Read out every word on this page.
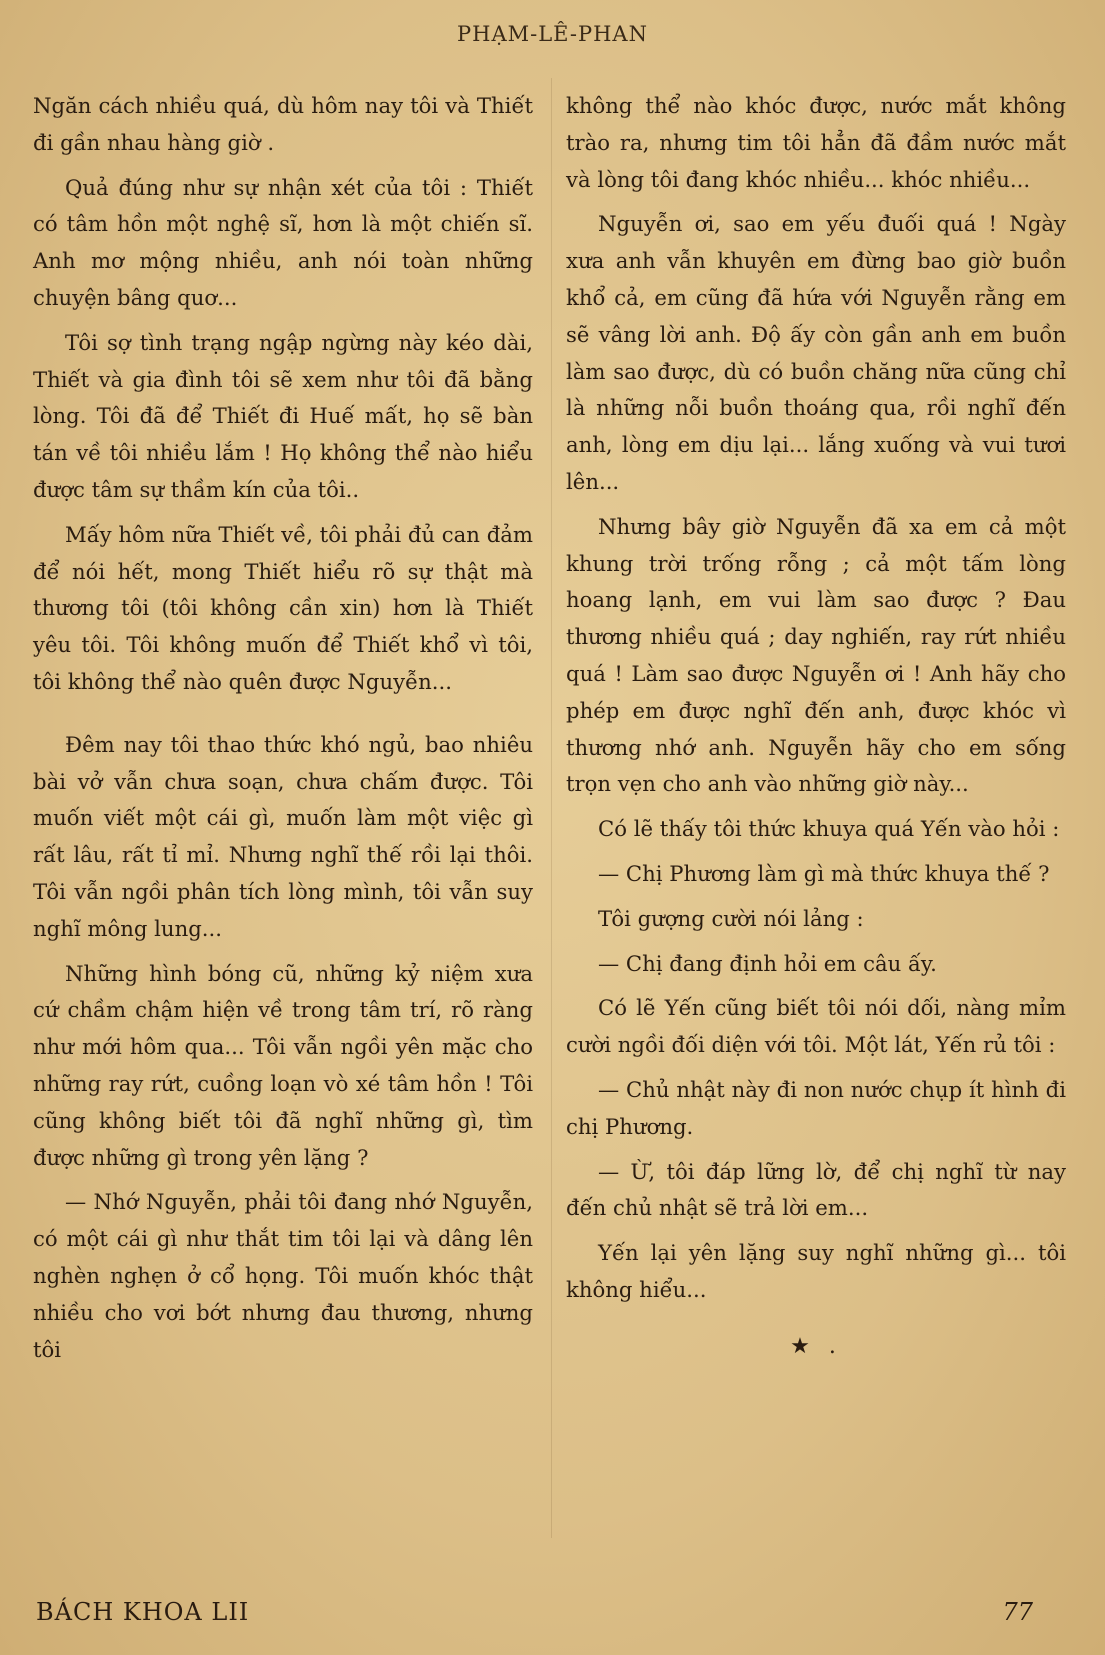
PHẠM-LÊ-PHAN

Ngăn cách nhiều quá, dù hôm nay tôi và Thiết đi gần nhau hàng giờ .

Quả đúng như sự nhận xét của tôi : Thiết có tâm hồn một nghệ sĩ, hơn là một chiến sĩ. Anh mơ mộng nhiều, anh nói toàn những chuyện bâng quơ...

Tôi sợ tình trạng ngập ngừng này kéo dài, Thiết và gia đình tôi sẽ xem như tôi đã bằng lòng. Tôi đã để Thiết đi Huế mất, họ sẽ bàn tán về tôi nhiều lắm ! Họ không thể nào hiểu được tâm sự thầm kín của tôi..

Mấy hôm nữa Thiết về, tôi phải đủ can đảm để nói hết, mong Thiết hiểu rõ sự thật mà thương tôi (tôi không cần xin) hơn là Thiết yêu tôi. Tôi không muốn để Thiết khổ vì tôi, tôi không thể nào quên được Nguyễn...

Đêm nay tôi thao thức khó ngủ, bao nhiêu bài vở vẫn chưa soạn, chưa chấm được. Tôi muốn viết một cái gì, muốn làm một việc gì rất lâu, rất tỉ mỉ. Nhưng nghĩ thế rồi lại thôi. Tôi vẫn ngồi phân tích lòng mình, tôi vẫn suy nghĩ mông lung...

Những hình bóng cũ, những kỷ niệm xưa cứ chầm chậm hiện về trong tâm trí, rõ ràng như mới hôm qua... Tôi vẫn ngồi yên mặc cho những ray rứt, cuồng loạn vò xé tâm hồn ! Tôi cũng không biết tôi đã nghĩ những gì, tìm được những gì trong yên lặng ?

— Nhớ Nguyễn, phải tôi đang nhớ Nguyễn, có một cái gì như thắt tim tôi lại và dâng lên nghèn nghẹn ở cổ họng. Tôi muốn khóc thật nhiều cho vơi bớt nhưng đau thương, nhưng tôi

không thể nào khóc được, nước mắt không trào ra, nhưng tim tôi hẳn đã đầm nước mắt và lòng tôi đang khóc nhiều... khóc nhiều...

Nguyễn ơi, sao em yếu đuối quá ! Ngày xưa anh vẫn khuyên em đừng bao giờ buồn khổ cả, em cũng đã hứa với Nguyễn rằng em sẽ vâng lời anh. Độ ấy còn gần anh em buồn làm sao được, dù có buồn chăng nữa cũng chỉ là những nỗi buồn thoáng qua, rồi nghĩ đến anh, lòng em dịu lại... lắng xuống và vui tươi lên...

Nhưng bây giờ Nguyễn đã xa em cả một khung trời trống rỗng ; cả một tấm lòng hoang lạnh, em vui làm sao được ? Đau thương nhiều quá ; day nghiến, ray rứt nhiều quá ! Làm sao được Nguyễn ơi ! Anh hãy cho phép em được nghĩ đến anh, được khóc vì thương nhớ anh. Nguyễn hãy cho em sống trọn vẹn cho anh vào những giờ này...

Có lẽ thấy tôi thức khuya quá Yến vào hỏi :

— Chị Phương làm gì mà thức khuya thế ?

Tôi gượng cười nói lảng :

— Chị đang định hỏi em câu ấy.

Có lẽ Yến cũng biết tôi nói dối, nàng mỉm cười ngồi đối diện với tôi. Một lát, Yến rủ tôi :

— Chủ nhật này đi non nước chụp ít hình đi chị Phương.

— Ừ, tôi đáp lững lờ, để chị nghĩ từ nay đến chủ nhật sẽ trả lời em...

Yến lại yên lặng suy nghĩ những gì... tôi không hiểu...

★ .
BÁCH KHOA LII	77
